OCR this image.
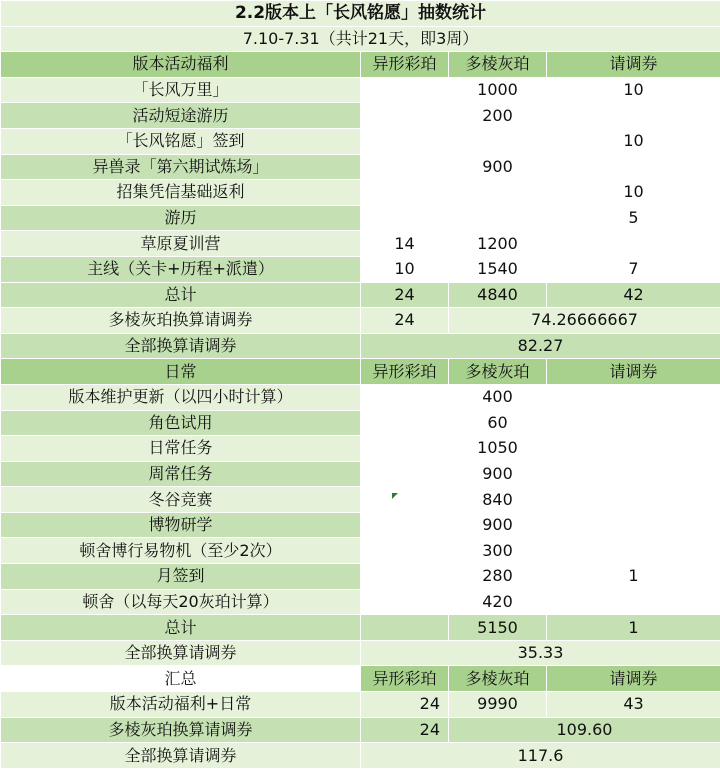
2.2版本上「长风铭愿」抽数统计			
7.10-7.31（共计21天，即3周）			
版本活动福利	异形彩珀	多棱灰珀	请调券
「长风万里」		1000	10
活动短途游历		200	
「长风铭愿」签到			10
异兽录「第六期试炼场」		900	
招集凭信基础返利			10
游历			5
草原夏训营	14	1200	
主线（关卡+历程+派遣）	10	1540	7
总计	24	4840	42
多棱灰珀换算请调券	24	74.26666667	
全部换算请调券	82.27		
日常	异形彩珀	多棱灰珀	请调券
版本维护更新（以四小时计算）		400	
角色试用		60	
日常任务		1050	
周常任务		900	
冬谷竞赛		840	
博物研学		900	
顿舍博行易物机（至少2次）		300	
月签到		280	1
顿舍（以每天20灰珀计算）		420	
总计		5150	1
全部换算请调券	35.33		
汇总	异形彩珀	多棱灰珀	请调券
版本活动福利+日常	24	9990	43
多棱灰珀换算请调券	24	109.60	
全部换算请调券	117.6		
